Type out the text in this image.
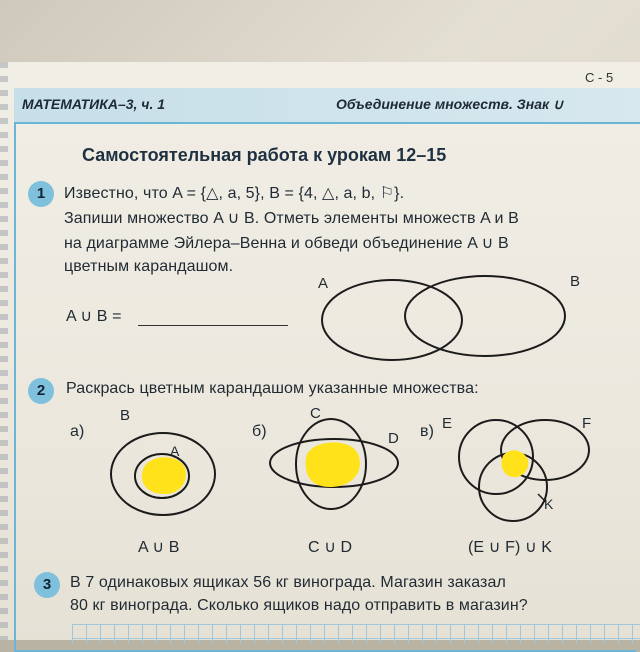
С - 5
МАТЕМАТИКА–3, ч. 1	Объединение множеств. Знак ∪
Самостоятельная работа к урокам 12–15
1	Известно, что A = {△, a, 5}, B = {4, △, a, b, ⚐}.
Запиши множество A ∪ B. Отметь элементы множеств A и B
на диаграмме Эйлера–Венна и обведи объединение A ∪ B
цветным карандашом.
A ∪ B =
A	B
B
A
C
D
E	F
K
2	Раскрась цветным карандашом указанные множества:
а)	б)	в)
A ∪ B	C ∪ D	(E ∪ F) ∪ K
3	В 7 одинаковых ящиках 56 кг винограда. Магазин заказал
80 кг винограда. Сколько ящиков надо отправить в магазин?
